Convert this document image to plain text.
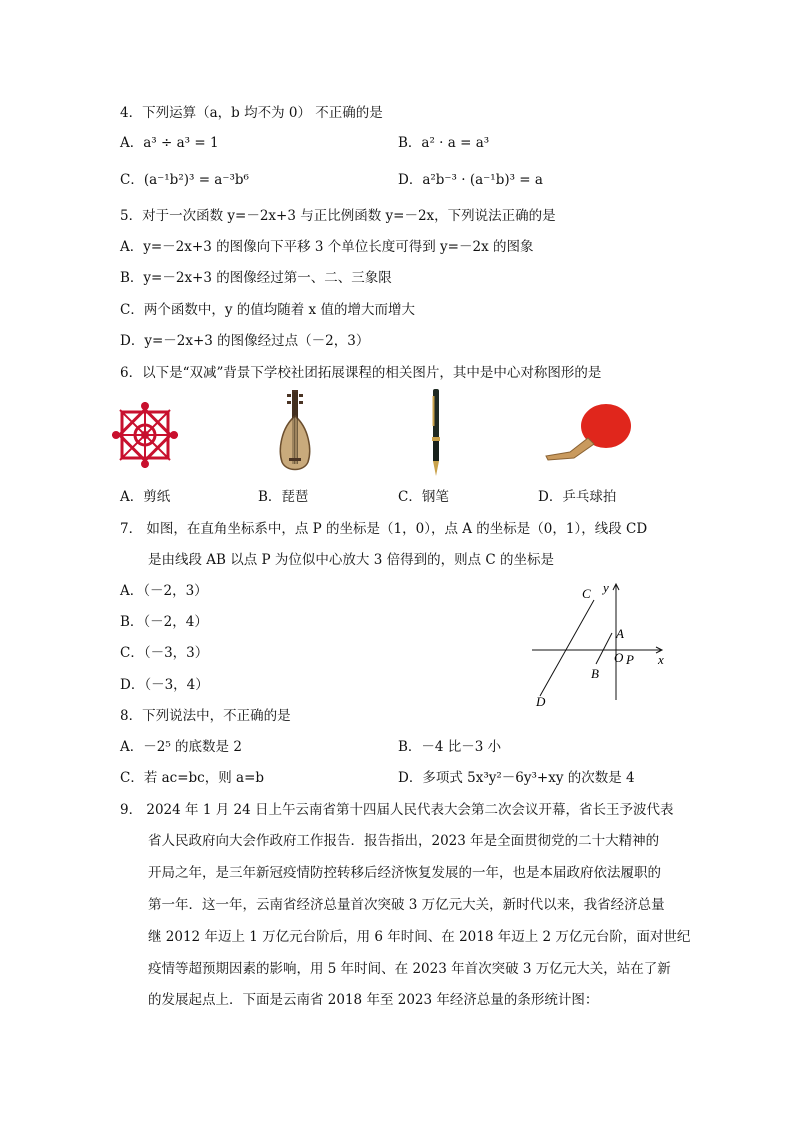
4．下列运算（a，b 均不为 0） 不正确的是
A．a³ ÷ a³ = 1	B．a² · a = a³
C．(a⁻¹b²)³ = a⁻³b⁶	D．a²b⁻³ · (a⁻¹b)³ = a
5．对于一次函数 y=－2x+3 与正比例函数 y=－2x，下列说法正确的是
A．y=－2x+3 的图像向下平移 3 个单位长度可得到 y=－2x 的图象
B．y=－2x+3 的图像经过第一、二、三象限
C．两个函数中，y 的值均随着 x 值的增大而增大
D．y=－2x+3 的图像经过点（－2，3）
6．以下是“双减”背景下学校社团拓展课程的相关图片，其中是中心对称图形的是
A．剪纸	B．琵琶	C．钢笔	D．乒乓球拍
7． 如图，在直角坐标系中，点 P 的坐标是（1，0），点 A 的坐标是（0，1），线段 CD
是由线段 AB 以点 P 为位似中心放大 3 倍得到的，则点 C 的坐标是
A．（－2，3）
B．（－2，4）
C．（－3，3）
D．（－3，4）
y
x
C
A
O P
B
D
8．下列说法中，不正确的是
A．－2⁵ 的底数是 2	B．－4 比－3 小
C．若 ac=bc，则 a=b	D．多项式 5x³y²－6y³+xy 的次数是 4
9． 2024 年 1 月 24 日上午云南省第十四届人民代表大会第二次会议开幕，省长王予波代表
省人民政府向大会作政府工作报告．报告指出，2023 年是全面贯彻党的二十大精神的
开局之年，是三年新冠疫情防控转移后经济恢复发展的一年，也是本届政府依法履职的
第一年．这一年，云南省经济总量首次突破 3 万亿元大关，新时代以来，我省经济总量
继 2012 年迈上 1 万亿元台阶后，用 6 年时间、在 2018 年迈上 2 万亿元台阶，面对世纪
疫情等超预期因素的影响，用 5 年时间、在 2023 年首次突破 3 万亿元大关，站在了新
的发展起点上．下面是云南省 2018 年至 2023 年经济总量的条形统计图：
